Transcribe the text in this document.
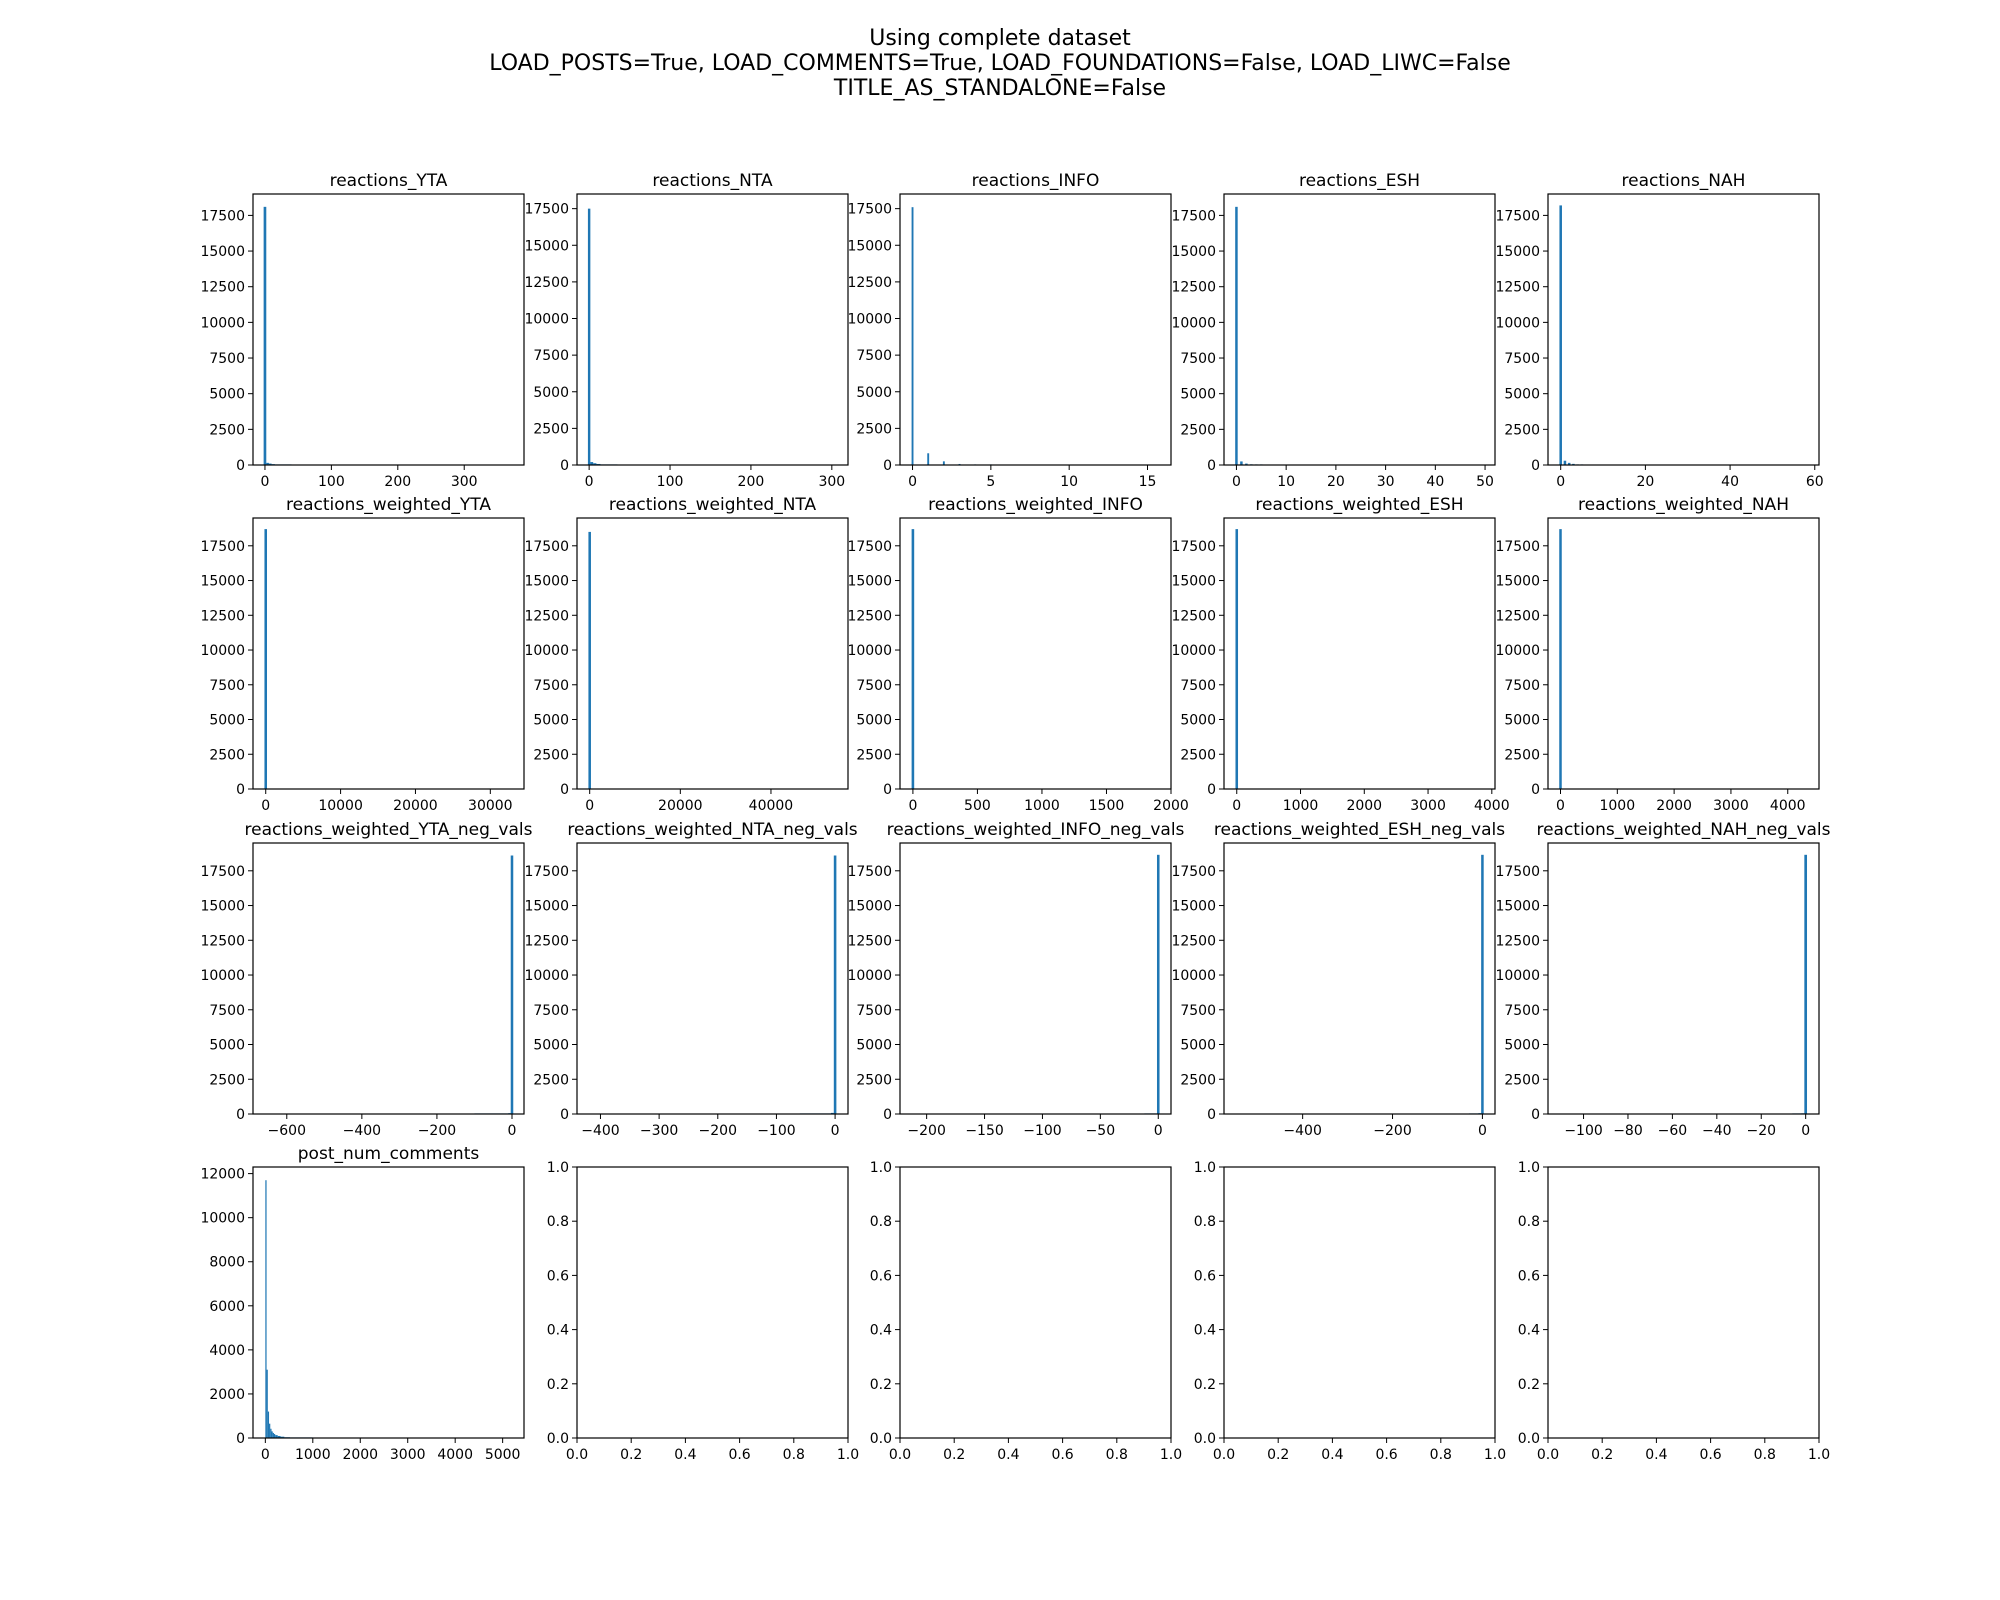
Using complete dataset
LOAD_POSTS=True, LOAD_COMMENTS=True, LOAD_FOUNDATIONS=False, LOAD_LIWC=False
TITLE_AS_STANDALONE=False
0	100	200	300
0
2500
5000
7500
10000
12500
15000
17500
reactions_YTA
0	100	200	300
0
2500
5000
7500
10000
12500
15000
17500
reactions_NTA
0	5	10	15
0
2500
5000
7500
10000
12500
15000
17500
reactions_INFO
0	10 20 30 40 50
0
2500
5000
7500
10000
12500
15000
17500
reactions_ESH
0	20	40	60
0
2500
5000
7500
10000
12500
15000
17500
reactions_NAH
0	10000 20000 30000
0
2500
5000
7500
10000
12500
15000
17500
reactions_weighted_YTA
0	20000	40000
0
2500
5000
7500
10000
12500
15000
17500
reactions_weighted_NTA
0	500 1000 1500 2000
0
2500
5000
7500
10000
12500
15000
17500
reactions_weighted_INFO
0	1000 2000 3000 4000
0
2500
5000
7500
10000
12500
15000
17500
reactions_weighted_ESH
0 1000 2000 3000 4000
0
2500
5000
7500
10000
12500
15000
17500
reactions_weighted_NAH
−600	−400	−200	0
0
2500
5000
7500
10000
12500
15000
17500
reactions_weighted_YTA_neg_vals
−400 −300 −200 −100 0
0
2500
5000
7500
10000
12500
15000
17500
reactions_weighted_NTA_neg_vals
−200 −150 −100 −50	0
0
2500
5000
7500
10000
12500
15000
17500
reactions_weighted_INFO_neg_vals
−400	−200	0
0
2500
5000
7500
10000
12500
15000
17500
reactions_weighted_ESH_neg_vals
−100 −80 −60 −40 −20 0
0
2500
5000
7500
10000
12500
15000
17500
reactions_weighted_NAH_neg_vals
0 1000 2000 3000 4000 5000
0
2000
4000
6000
8000
10000
12000
post_num_comments
0.0 0.2 0.4 0.6 0.8 1.0
0.0
0.2
0.4
0.6
0.8
1.0
0.0 0.2 0.4 0.6 0.8 1.0
0.0
0.2
0.4
0.6
0.8
1.0
0.0 0.2 0.4 0.6 0.8 1.0
0.0
0.2
0.4
0.6
0.8
1.0
0.0 0.2 0.4 0.6 0.8 1.0
0.0
0.2
0.4
0.6
0.8
1.0
